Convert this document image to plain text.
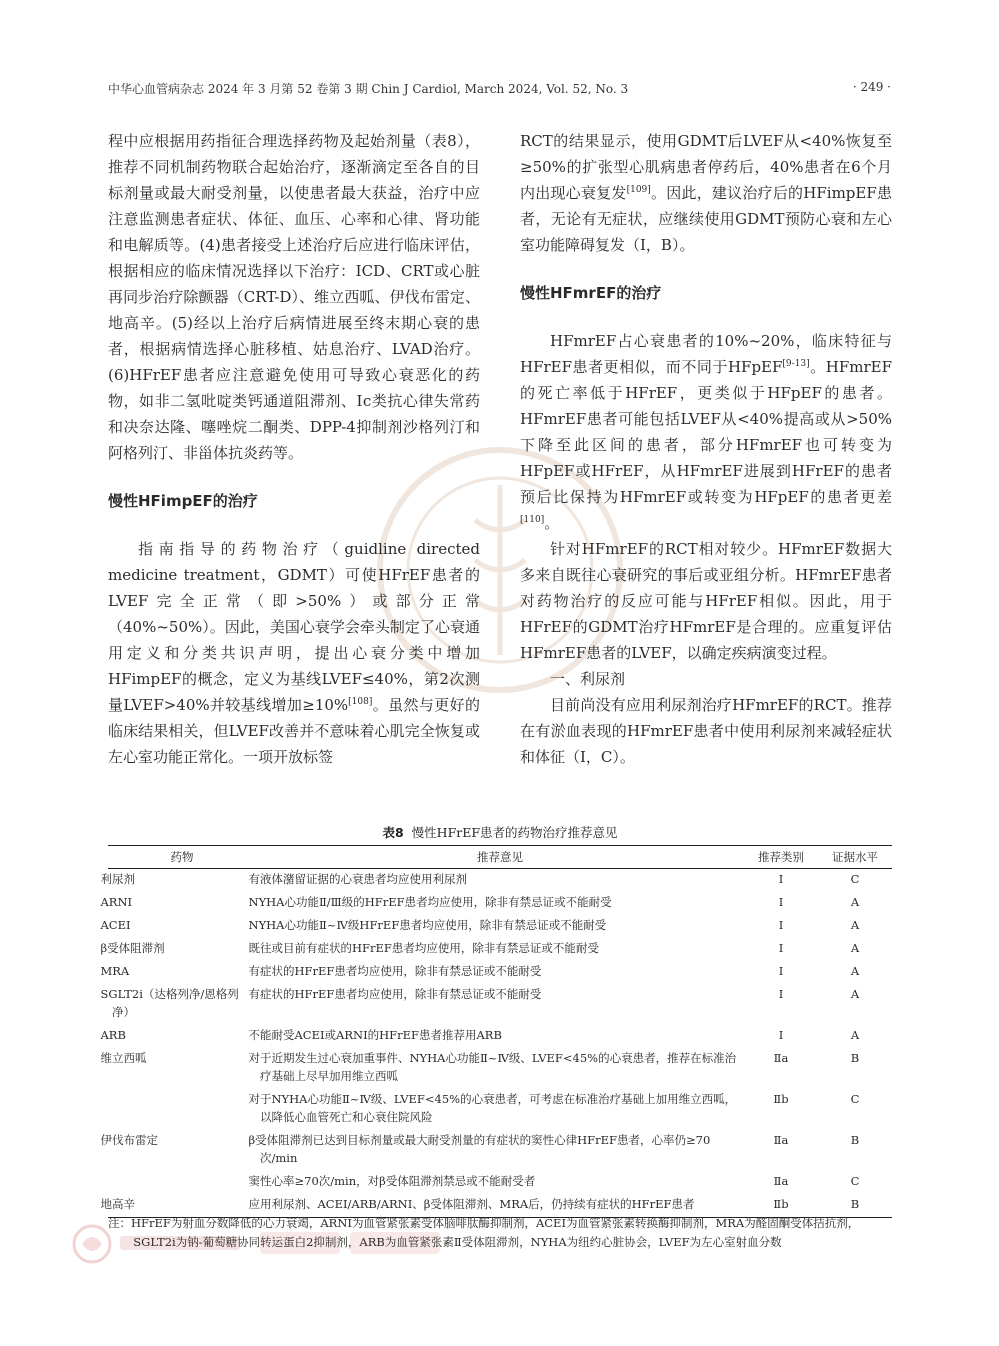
中华心血管病杂志 2024 年 3 月第 52 卷第 3 期 Chin J Cardiol, March 2024, Vol. 52, No. 3	· 249 ·

程中应根据用药指征合理选择药物及起始剂量（表8），推荐不同机制药物联合起始治疗，逐渐滴定至各自的目标剂量或最大耐受剂量，以使患者最大获益，治疗中应注意监测患者症状、体征、血压、心率和心律、肾功能和电解质等。(4)患者接受上述治疗后应进行临床评估，根据相应的临床情况选择以下治疗：ICD、CRT或心脏再同步治疗除颤器（CRT-D）、维立西呱、伊伐布雷定、地高辛。(5)经以上治疗后病情进展至终末期心衰的患者，根据病情选择心脏移植、姑息治疗、LVAD治疗。(6)HFrEF患者应注意避免使用可导致心衰恶化的药物，如非二氢吡啶类钙通道阻滞剂、Ⅰc类抗心律失常药和决奈达隆、噻唑烷二酮类、DPP-4抑制剂沙格列汀和阿格列汀、非甾体抗炎药等。

慢性HFimpEF的治疗

指南指导的药物治疗（guidline directed medicine treatment，GDMT）可使HFrEF患者的LVEF完全正常（即>50%）或部分正常（40%~50%）。因此，美国心衰学会牵头制定了心衰通用定义和分类共识声明，提出心衰分类中增加HFimpEF的概念，定义为基线LVEF≤40%，第2次测量LVEF>40%并较基线增加≥10%[108]。虽然与更好的临床结果相关，但LVEF改善并不意味着心肌完全恢复或左心室功能正常化。一项开放标签

RCT的结果显示，使用GDMT后LVEF从<40%恢复至≥50%的扩张型心肌病患者停药后，40%患者在6个月内出现心衰复发[109]。因此，建议治疗后的HFimpEF患者，无论有无症状，应继续使用GDMT预防心衰和左心室功能障碍复发（Ⅰ，B）。

慢性HFmrEF的治疗

HFmrEF占心衰患者的10%~20%，临床特征与HFrEF患者更相似，而不同于HFpEF[9-13]。HFmrEF的死亡率低于HFrEF，更类似于HFpEF的患者。HFmrEF患者可能包括LVEF从<40%提高或从>50%下降至此区间的患者，部分HFmrEF也可转变为HFpEF或HFrEF，从HFmrEF进展到HFrEF的患者预后比保持为HFmrEF或转变为HFpEF的患者更差[110]。

针对HFmrEF的RCT相对较少。HFmrEF数据大多来自既往心衰研究的事后或亚组分析。HFmrEF患者对药物治疗的反应可能与HFrEF相似。因此，用于HFrEF的GDMT治疗HFmrEF是合理的。应重复评估HFmrEF患者的LVEF，以确定疾病演变过程。

一、利尿剂

目前尚没有应用利尿剂治疗HFmrEF的RCT。推荐在有淤血表现的HFmrEF患者中使用利尿剂来减轻症状和体征（Ⅰ，C）。

表8 慢性HFrEF患者的药物治疗推荐意见
药物	推荐意见	推荐类别	证据水平
利尿剂	有液体潴留证据的心衰患者均应使用利尿剂	Ⅰ	C
ARNI	NYHA心功能Ⅱ/Ⅲ级的HFrEF患者均应使用，除非有禁忌证或不能耐受	Ⅰ	A
ACEI	NYHA心功能Ⅱ~Ⅳ级HFrEF患者均应使用，除非有禁忌证或不能耐受	Ⅰ	A
β受体阻滞剂	既往或目前有症状的HFrEF患者均应使用，除非有禁忌证或不能耐受	Ⅰ	A
MRA	有症状的HFrEF患者均应使用，除非有禁忌证或不能耐受	Ⅰ	A
SGLT2i（达格列净/恩格列净）	有症状的HFrEF患者均应使用，除非有禁忌证或不能耐受	Ⅰ	A
ARB	不能耐受ACEI或ARNI的HFrEF患者推荐用ARB	Ⅰ	A
维立西呱	对于近期发生过心衰加重事件、NYHA心功能Ⅱ~Ⅳ级、LVEF<45%的心衰患者，推荐在标准治疗基础上尽早加用维立西呱	Ⅱa	B
	对于NYHA心功能Ⅱ~Ⅳ级、LVEF<45%的心衰患者，可考虑在标准治疗基础上加用维立西呱，以降低心血管死亡和心衰住院风险	Ⅱb	C
伊伐布雷定	β受体阻滞剂已达到目标剂量或最大耐受剂量的有症状的窦性心律HFrEF患者，心率仍≥70次/min	Ⅱa	B
	窦性心率≥70次/min，对β受体阻滞剂禁忌或不能耐受者	Ⅱa	C
地高辛	应用利尿剂、ACEI/ARB/ARNI、β受体阻滞剂、MRA后，仍持续有症状的HFrEF患者	Ⅱb	B
注：HFrEF为射血分数降低的心力衰竭，ARNI为血管紧张素受体脑啡肽酶抑制剂，ACEI为血管紧张素转换酶抑制剂，MRA为醛固酮受体拮抗剂，SGLT2i为钠-葡萄糖协同转运蛋白2抑制剂，ARB为血管紧张素Ⅱ受体阻滞剂，NYHA为纽约心脏协会，LVEF为左心室射血分数
